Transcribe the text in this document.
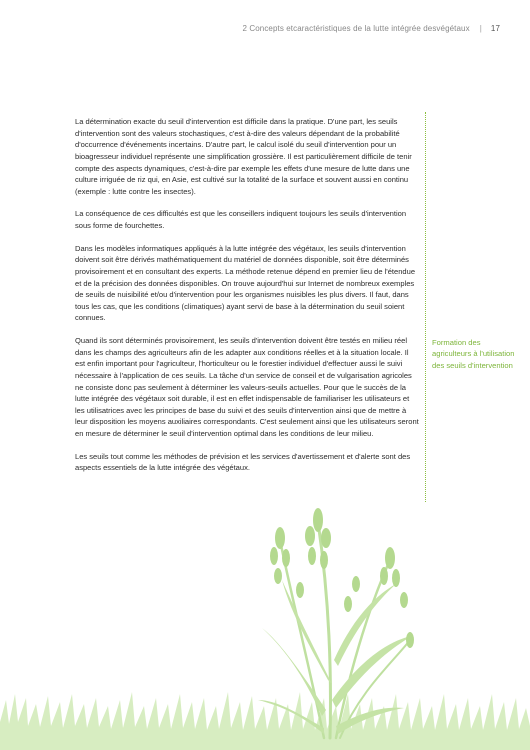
2 Concepts etcaractéristiques de la lutte intégrée desvégétaux | 17

La détermination exacte du seuil d'intervention est difficile dans la pratique. D'une part, les seuils d'intervention sont des valeurs stochastiques, c'est à-dire des valeurs dépendant de la probabilité d'occurrence d'événements incertains. D'autre part, le calcul isolé du seuil d'intervention pour un bioagresseur individuel représente une simplification grossière. Il est particulièrement difficile de tenir compte des aspects dynamiques, c'est-à-dire par exemple les effets d'une mesure de lutte dans une culture irriguée de riz qui, en Asie, est cultivé sur la totalité de la surface et souvent aussi en continu (exemple : lutte contre les insectes).

La conséquence de ces difficultés est que les conseillers indiquent toujours les seuils d'intervention sous forme de fourchettes.

Dans les modèles informatiques appliqués à la lutte intégrée des végétaux, les seuils d'intervention doivent soit être dérivés mathématiquement du matériel de données disponible, soit être déterminés provisoirement et en consultant des experts. La méthode retenue dépend en premier lieu de l'étendue et de la précision des données disponibles. On trouve aujourd'hui sur Internet de nombreux exemples de seuils de nuisibilité et/ou d'intervention pour les organismes nuisibles les plus divers. Il faut, dans tous les cas, que les conditions (climatiques) ayant servi de base à la détermination du seuil soient connues.

Quand ils sont déterminés provisoirement, les seuils d'intervention doivent être testés en milieu réel dans les champs des agriculteurs afin de les adapter aux conditions réelles et à la situation locale. Il est enfin important pour l'agriculteur, l'horticulteur ou le forestier individuel d'effectuer aussi le suivi nécessaire à l'application de ces seuils. La tâche d'un service de conseil et de vulgarisation agricoles ne consiste donc pas seulement à déterminer les valeurs-seuils actuelles. Pour que le succès de la lutte intégrée des végétaux soit durable, il est en effet indispensable de familiariser les utilisateurs et les utilisatrices avec les principes de base du suivi et des seuils d'intervention ainsi que de mettre à leur disposition les moyens auxiliaires correspondants. C'est seulement ainsi que les utilisateurs seront en mesure de déterminer le seuil d'intervention optimal dans les conditions de leur milieu.

Les seuils tout comme les méthodes de prévision et les services d'avertissement et d'alerte sont des aspects essentiels de la lutte intégrée des végétaux.

Formation des agriculteurs à l'utilisation des seuils d'intervention
